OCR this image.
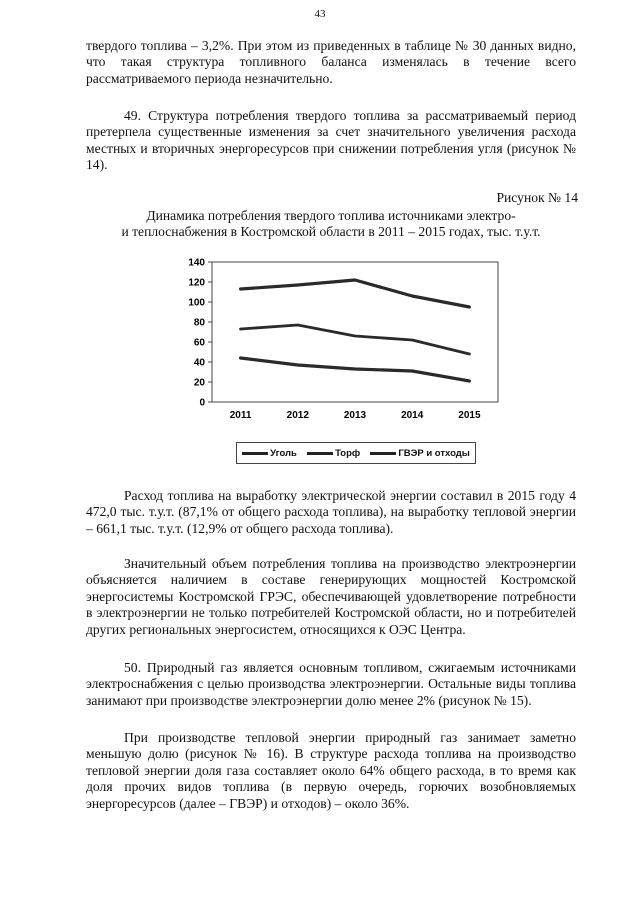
43

твердого топлива – 3,2%. При этом из приведенных в таблице № 30 данных видно, что такая структура топливного баланса изменялась в течение всего рассматриваемого периода незначительно.

49. Структура потребления твердого топлива за рассматриваемый период претерпела существенные изменения за счет значительного увеличения расхода местных и вторичных энергоресурсов при снижении потребления угля (рисунок № 14).

Рисунок № 14
Динамика потребления твердого топлива источниками электро-
и теплоснабжения в Костромской области в 2011 – 2015 годах, тыс. т.у.т.
0
20
40
60
80
100
120
140
2011	2012	2013	2014	2015
Уголь	Торф	ГВЭР и отходы

Расход топлива на выработку электрической энергии составил в 2015 году 4 472,0 тыс. т.у.т. (87,1% от общего расхода топлива), на выработку тепловой энергии – 661,1 тыс. т.у.т. (12,9% от общего расхода топлива).

Значительный объем потребления топлива на производство электроэнергии объясняется наличием в составе генерирующих мощностей Костромской энергосистемы Костромской ГРЭС, обеспечивающей удовлетворение потребности в электроэнергии не только потребителей Костромской области, но и потребителей других региональных энергосистем, относящихся к ОЭС Центра.

50. Природный газ является основным топливом, сжигаемым источниками электроснабжения с целью производства электроэнергии. Остальные виды топлива занимают при производстве электроэнергии долю менее 2% (рисунок № 15).

При производстве тепловой энергии природный газ занимает заметно меньшую долю (рисунок № 16). В структуре расхода топлива на производство тепловой энергии доля газа составляет около 64% общего расхода, в то время как доля прочих видов топлива (в первую очередь, горючих возобновляемых энергоресурсов (далее – ГВЭР) и отходов) – около 36%.
